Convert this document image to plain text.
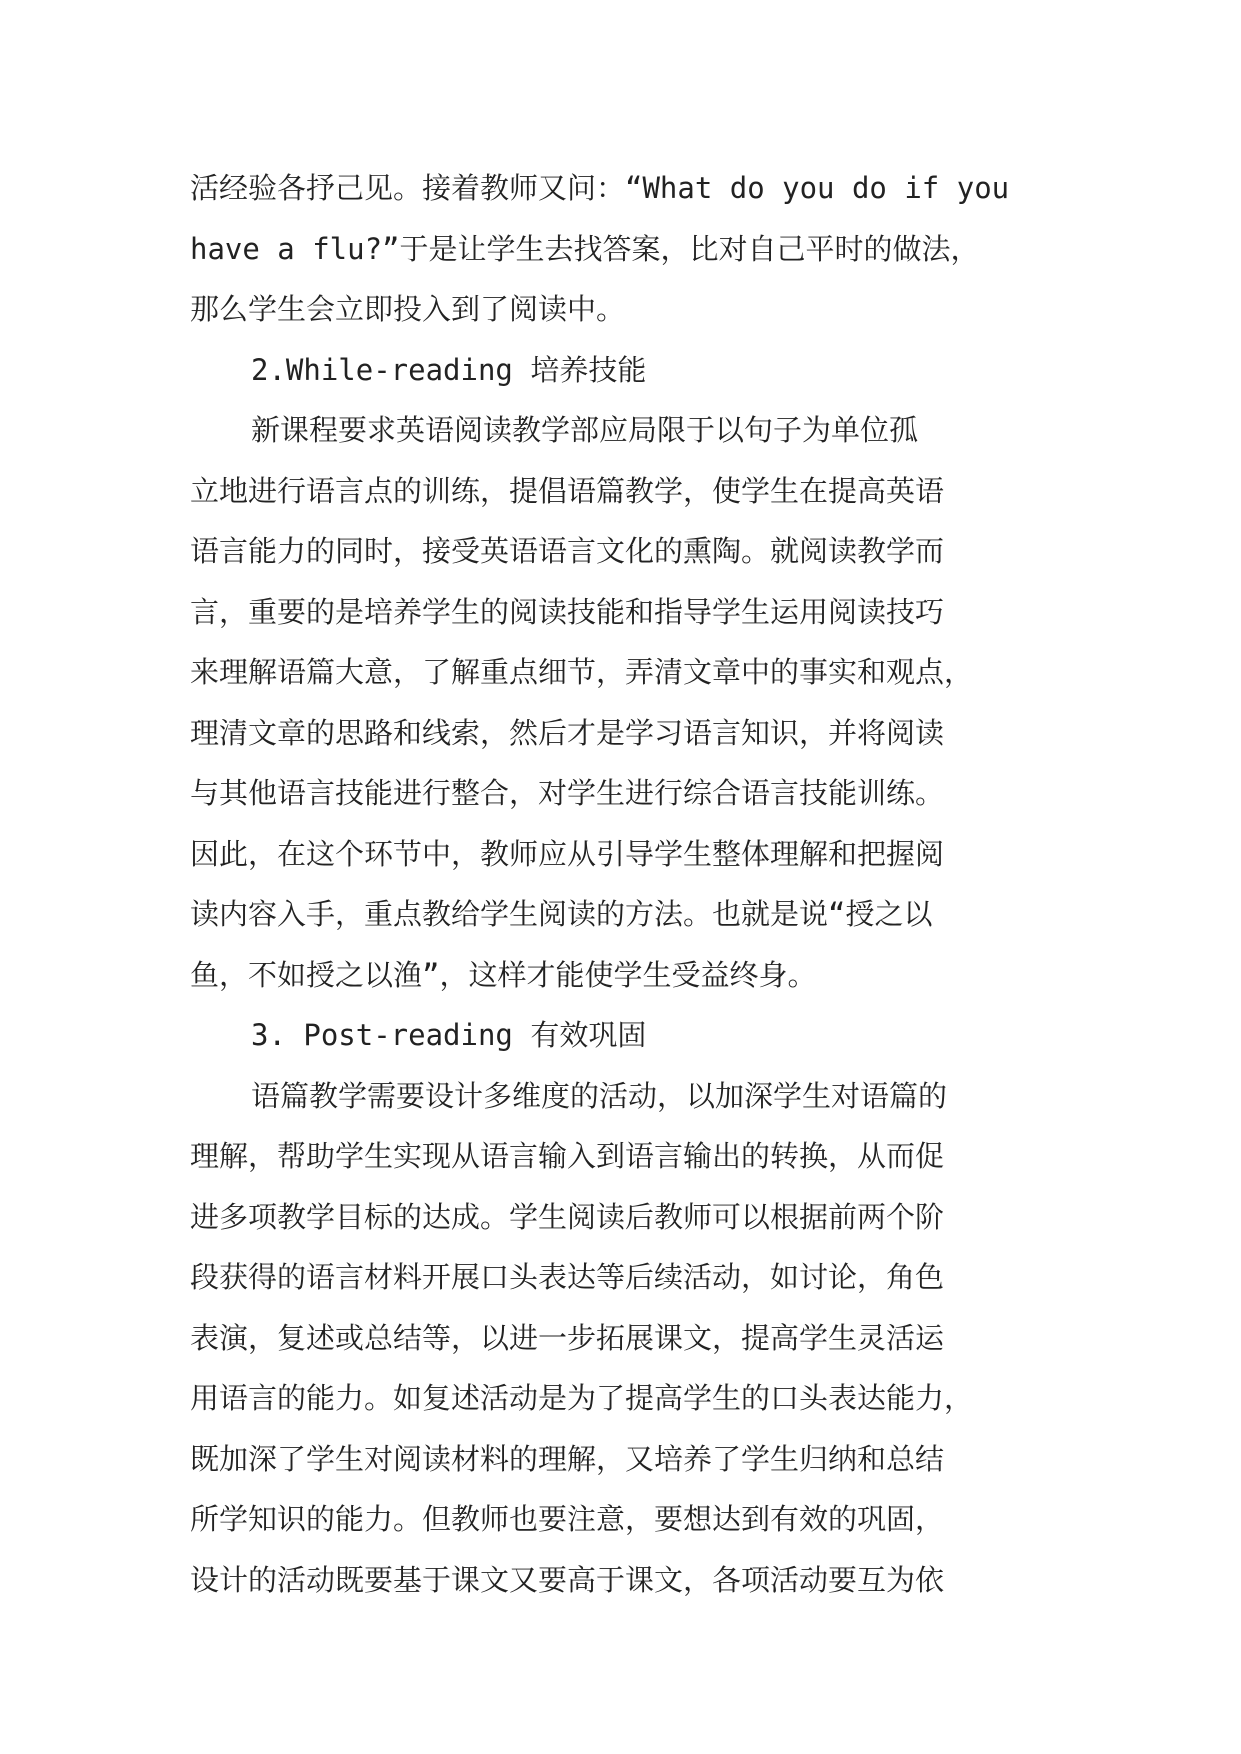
活经验各抒己见。接着教师又问：“What do you do if you
have a flu?”于是让学生去找答案，比对自己平时的做法，
那么学生会立即投入到了阅读中。
2.While-reading 培养技能
新课程要求英语阅读教学部应局限于以句子为单位孤
立地进行语言点的训练，提倡语篇教学，使学生在提高英语
语言能力的同时，接受英语语言文化的熏陶。就阅读教学而
言，重要的是培养学生的阅读技能和指导学生运用阅读技巧
来理解语篇大意，了解重点细节，弄清文章中的事实和观点，
理清文章的思路和线索，然后才是学习语言知识，并将阅读
与其他语言技能进行整合，对学生进行综合语言技能训练。
因此，在这个环节中，教师应从引导学生整体理解和把握阅
读内容入手，重点教给学生阅读的方法。也就是说“授之以
鱼，不如授之以渔”，这样才能使学生受益终身。
3. Post-reading 有效巩固
语篇教学需要设计多维度的活动，以加深学生对语篇的
理解，帮助学生实现从语言输入到语言输出的转换，从而促
进多项教学目标的达成。学生阅读后教师可以根据前两个阶
段获得的语言材料开展口头表达等后续活动，如讨论，角色
表演，复述或总结等，以进一步拓展课文，提高学生灵活运
用语言的能力。如复述活动是为了提高学生的口头表达能力，
既加深了学生对阅读材料的理解，又培养了学生归纳和总结
所学知识的能力。但教师也要注意，要想达到有效的巩固，
设计的活动既要基于课文又要高于课文，各项活动要互为依
